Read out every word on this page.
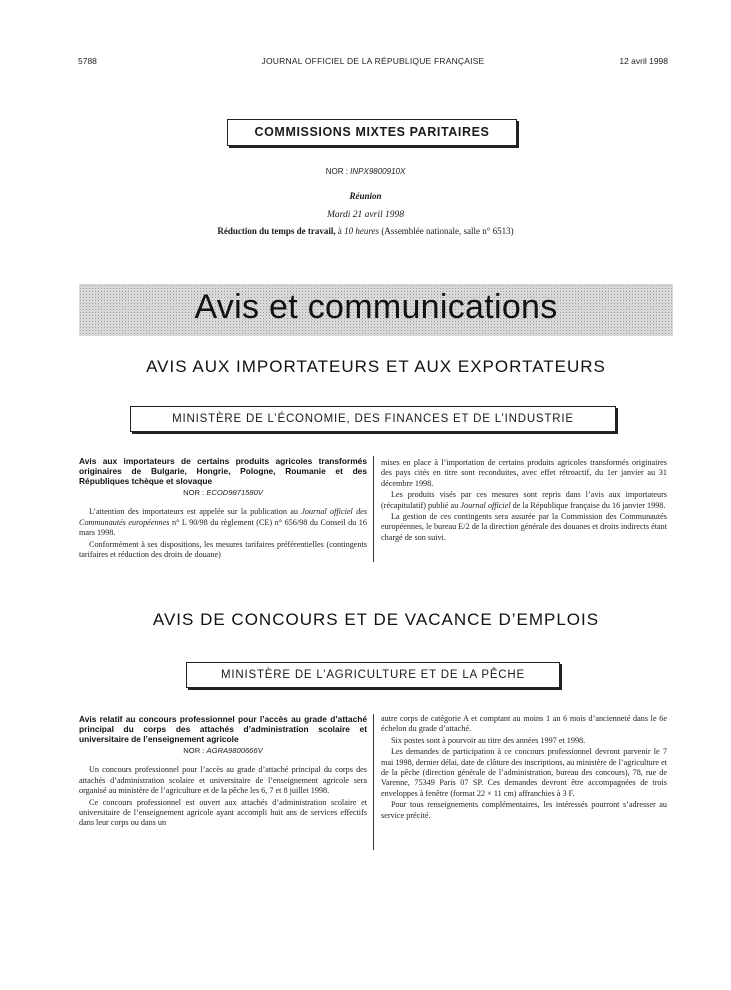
5788	JOURNAL OFFICIEL DE LA RÉPUBLIQUE FRANÇAISE	12 avril 1998
COMMISSIONS MIXTES PARITAIRES
NOR : INPX9800910X
Réunion
Mardi 21 avril 1998
Réduction du temps de travail, à 10 heures (Assemblée nationale, salle n° 6513)
Avis et communications
AVIS AUX IMPORTATEURS ET AUX EXPORTATEURS
MINISTÈRE DE L’ÉCONOMIE, DES FINANCES ET DE L’INDUSTRIE

Avis aux importateurs de certains produits agricoles transformés originaires de Bulgarie, Hongrie, Pologne, Roumanie et des Républiques tchèque et slovaque

NOR : ECOD9871580V

L’attention des importateurs est appelée sur la publication au Journal officiel des Communautés européennes n° L 90/98 du règlement (CE) n° 656/98 du Conseil du 16 mars 1998.

Conformément à ses dispositions, les mesures tarifaires préférentielles (contingents tarifaires et réduction des droits de douane)

mises en place à l’importation de certains produits agricoles transformés originaires des pays cités en titre sont reconduites, avec effet rétroactif, du 1er janvier au 31 décembre 1998.

Les produits visés par ces mesures sont repris dans l’avis aux importateurs (récapitulatif) publié au Journal officiel de la République française du 16 janvier 1998.

La gestion de ces contingents sera assurée par la Commission des Communautés européennes, le bureau E/2 de la direction générale des douanes et droits indirects étant chargé de son suivi.

AVIS DE CONCOURS ET DE VACANCE D’EMPLOIS
MINISTÈRE DE L’AGRICULTURE ET DE LA PÊCHE

Avis relatif au concours professionnel pour l’accès au grade d’attaché principal du corps des attachés d’administration scolaire et universitaire de l’enseignement agricole

NOR : AGRA9800666V

Un concours professionnel pour l’accès au grade d’attaché principal du corps des attachés d’administration scolaire et universitaire de l’enseignement agricole sera organisé au ministère de l’agriculture et de la pêche les 6, 7 et 8 juillet 1998.

Ce concours professionnel est ouvert aux attachés d’administration scolaire et universitaire de l’enseignement agricole ayant accompli huit ans de services effectifs dans leur corps ou dans un

autre corps de catégorie A et comptant au moins 1 an 6 mois d’ancienneté dans le 6e échelon du grade d’attaché.

Six postes sont à pourvoir au titre des années 1997 et 1998.

Les demandes de participation à ce concours professionnel devront parvenir le 7 mai 1998, dernier délai, date de clôture des inscriptions, au ministère de l’agriculture et de la pêche (direction générale de l’administration, bureau des concours), 78, rue de Varenne, 75349 Paris 07 SP. Ces demandes devront être accompagnées de trois enveloppes à fenêtre (format 22 × 11 cm) affranchies à 3 F.

Pour tous renseignements complémentaires, les intéressés pourront s’adresser au service précité.
